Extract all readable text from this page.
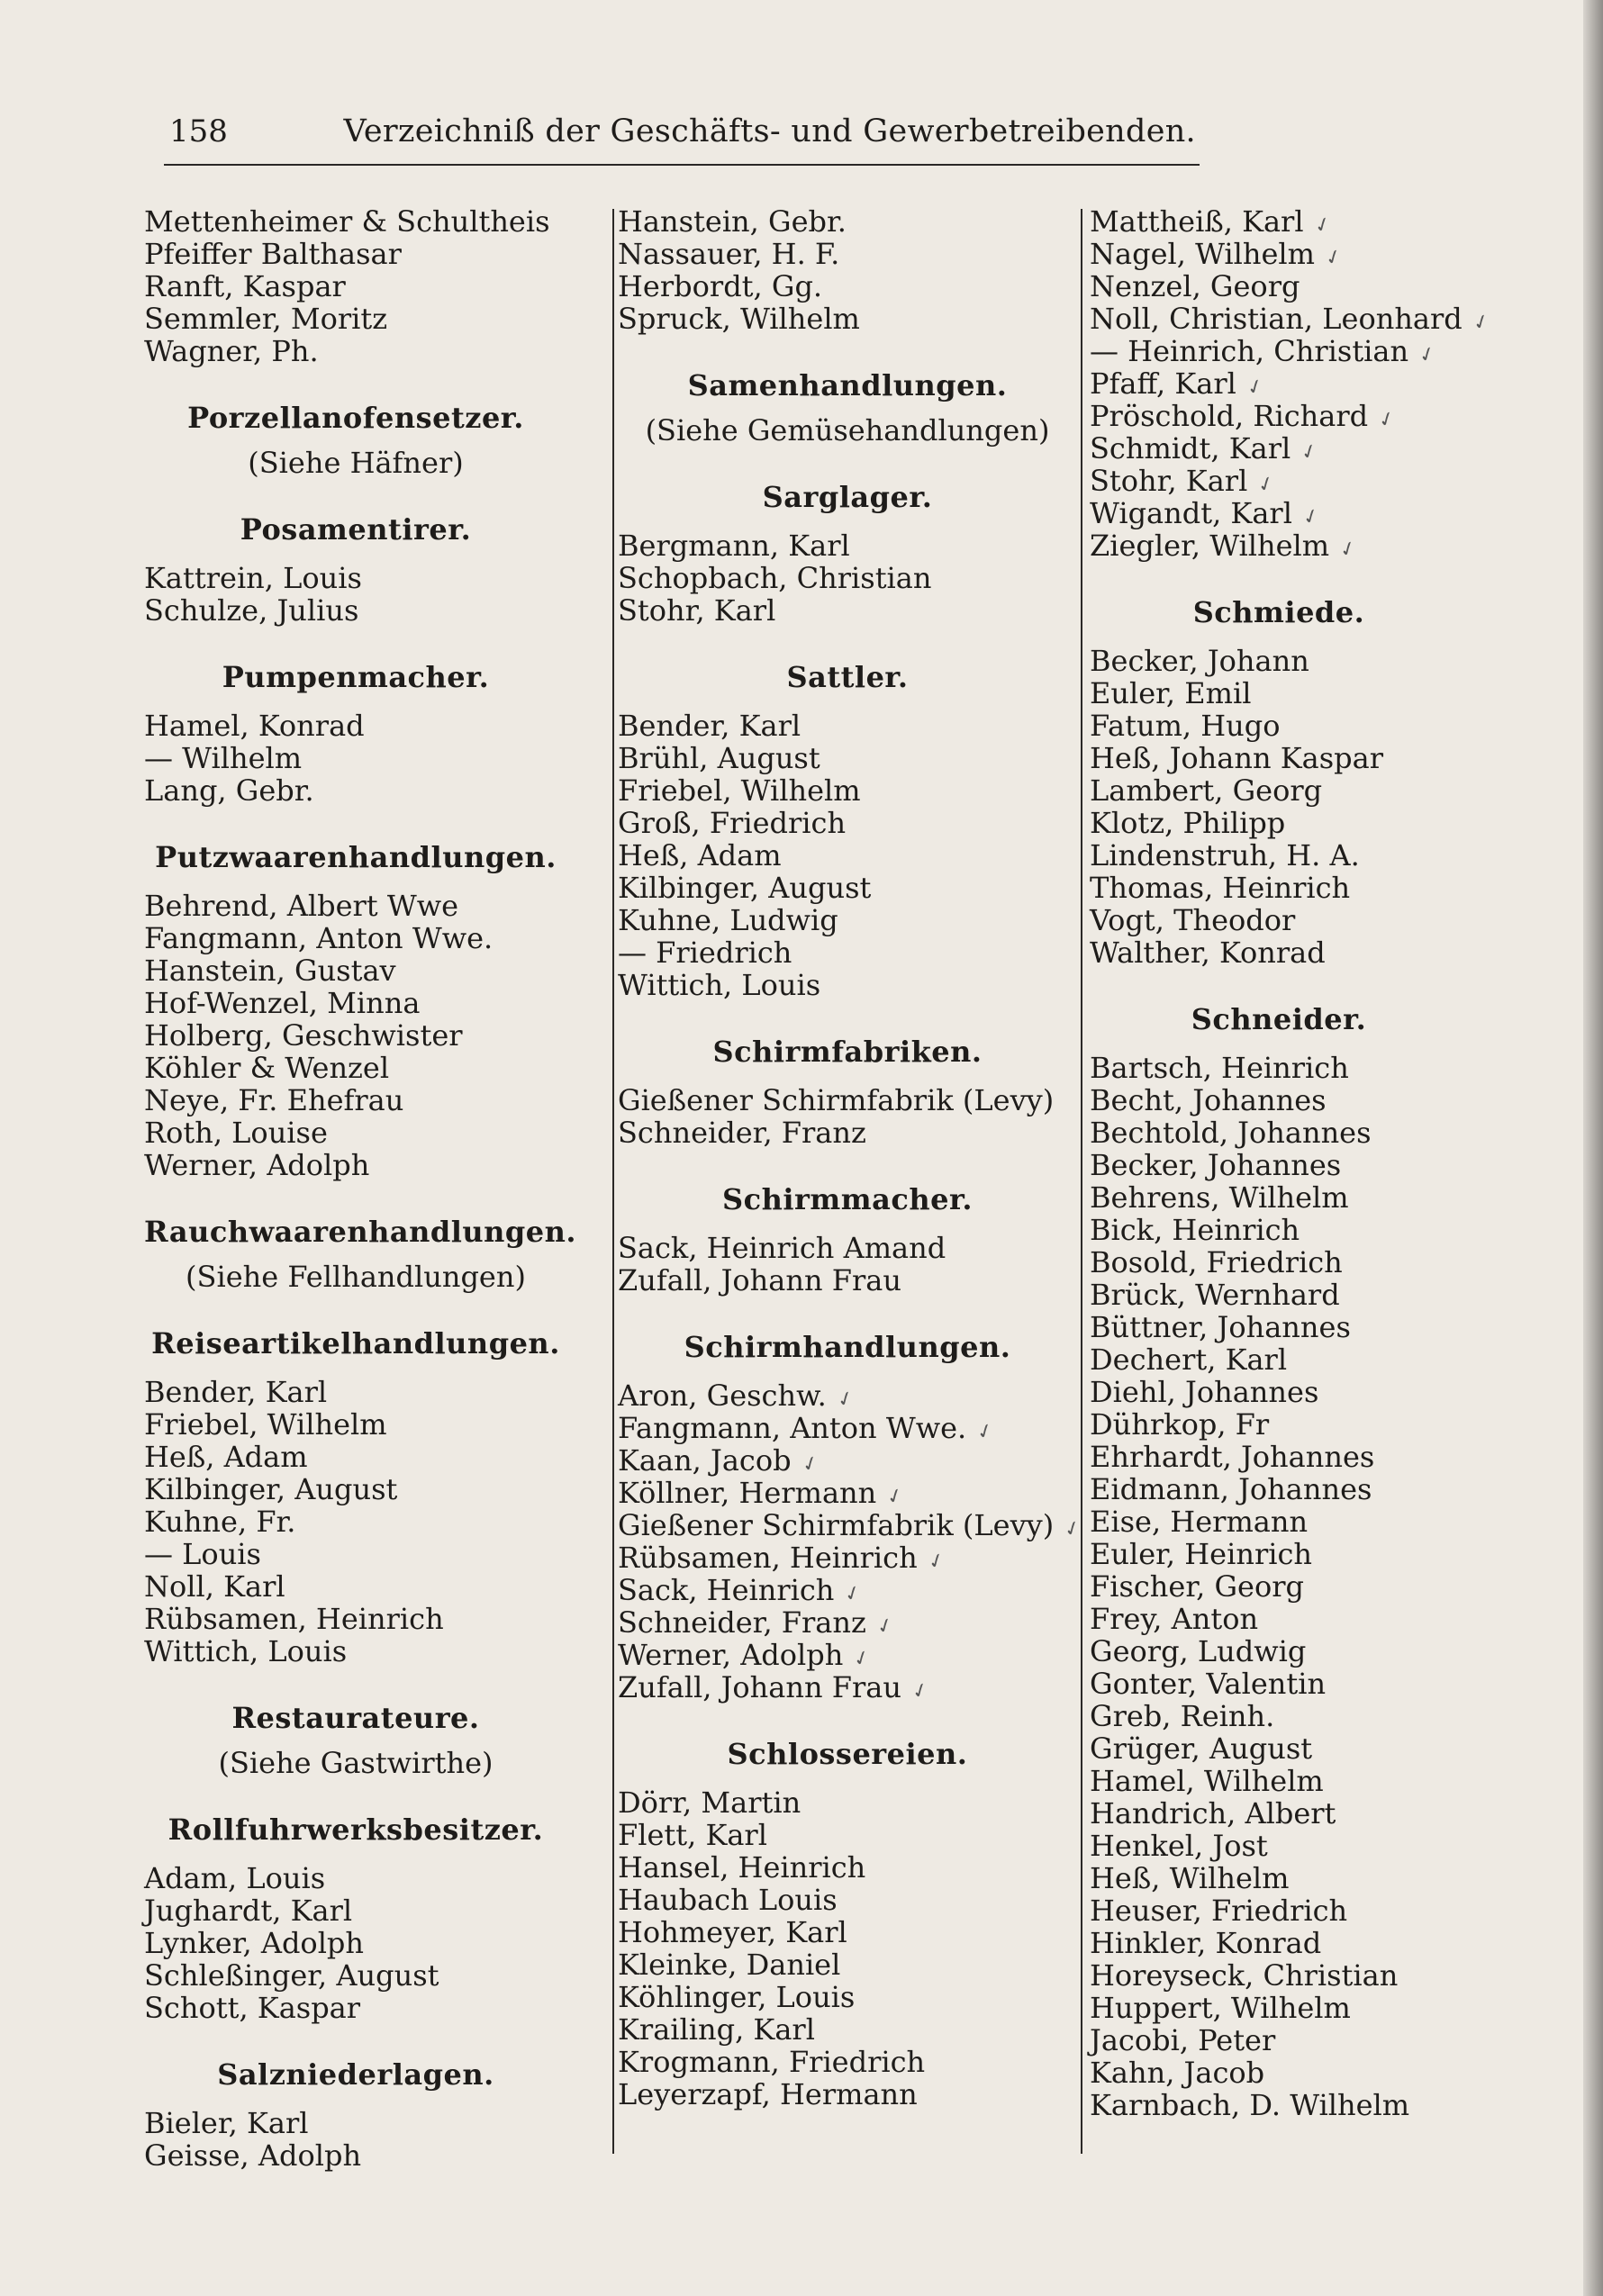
158	Verzeichniß der Geschäfts- und Gewerbetreibenden.
Mettenheimer & Schultheis
Pfeiffer Balthasar
Ranft, Kaspar
Semmler, Moritz
Wagner, Ph.
Porzellanofensetzer.
(Siehe Häfner)
Posamentirer.
Kattrein, Louis
Schulze, Julius
Pumpenmacher.
Hamel, Konrad
— Wilhelm
Lang, Gebr.
Putzwaarenhandlungen.
Behrend, Albert Wwe
Fangmann, Anton Wwe.
Hanstein, Gustav
Hof-Wenzel, Minna
Holberg, Geschwister
Köhler & Wenzel
Neye, Fr. Ehefrau
Roth, Louise
Werner, Adolph
Rauchwaarenhandlungen.
(Siehe Fellhandlungen)
Reiseartikelhandlungen.
Bender, Karl
Friebel, Wilhelm
Heß, Adam
Kilbinger, August
Kuhne, Fr.
— Louis
Noll, Karl
Rübsamen, Heinrich
Wittich, Louis
Restaurateure.
(Siehe Gastwirthe)
Rollfuhrwerksbesitzer.
Adam, Louis
Jughardt, Karl
Lynker, Adolph
Schleßinger, August
Schott, Kaspar
Salzniederlagen.
Bieler, Karl
Geisse, Adolph
Hanstein, Gebr.
Nassauer, H. F.
Herbordt, Gg.
Spruck, Wilhelm
Samenhandlungen.
(Siehe Gemüsehandlungen)
Sarglager.
Bergmann, Karl
Schopbach, Christian
Stohr, Karl
Sattler.
Bender, Karl
Brühl, August
Friebel, Wilhelm
Groß, Friedrich
Heß, Adam
Kilbinger, August
Kuhne, Ludwig
— Friedrich
Wittich, Louis
Schirmfabriken.
Gießener Schirmfabrik (Levy)
Schneider, Franz
Schirmmacher.
Sack, Heinrich Amand
Zufall, Johann Frau
Schirmhandlungen.
Aron, Geschw. ✓
Fangmann, Anton Wwe. ✓
Kaan, Jacob ✓
Köllner, Hermann ✓
Gießener Schirmfabrik (Levy) ✓
Rübsamen, Heinrich ✓
Sack, Heinrich ✓
Schneider, Franz ✓
Werner, Adolph ✓
Zufall, Johann Frau ✓
Schlossereien.
Dörr, Martin
Flett, Karl
Hansel, Heinrich
Haubach Louis
Hohmeyer, Karl
Kleinke, Daniel
Köhlinger, Louis
Krailing, Karl
Krogmann, Friedrich
Leyerzapf, Hermann
Mattheiß, Karl ✓
Nagel, Wilhelm ✓
Nenzel, Georg
Noll, Christian, Leonhard ✓
— Heinrich, Christian ✓
Pfaff, Karl ✓
Pröschold, Richard ✓
Schmidt, Karl ✓
Stohr, Karl ✓
Wigandt, Karl ✓
Ziegler, Wilhelm ✓
Schmiede.
Becker, Johann
Euler, Emil
Fatum, Hugo
Heß, Johann Kaspar
Lambert, Georg
Klotz, Philipp
Lindenstruh, H. A.
Thomas, Heinrich
Vogt, Theodor
Walther, Konrad
Schneider.
Bartsch, Heinrich
Becht, Johannes
Bechtold, Johannes
Becker, Johannes
Behrens, Wilhelm
Bick, Heinrich
Bosold, Friedrich
Brück, Wernhard
Büttner, Johannes
Dechert, Karl
Diehl, Johannes
Dührkop, Fr
Ehrhardt, Johannes
Eidmann, Johannes
Eise, Hermann
Euler, Heinrich
Fischer, Georg
Frey, Anton
Georg, Ludwig
Gonter, Valentin
Greb, Reinh.
Grüger, August
Hamel, Wilhelm
Handrich, Albert
Henkel, Jost
Heß, Wilhelm
Heuser, Friedrich
Hinkler, Konrad
Horeyseck, Christian
Huppert, Wilhelm
Jacobi, Peter
Kahn, Jacob
Karnbach, D. Wilhelm
